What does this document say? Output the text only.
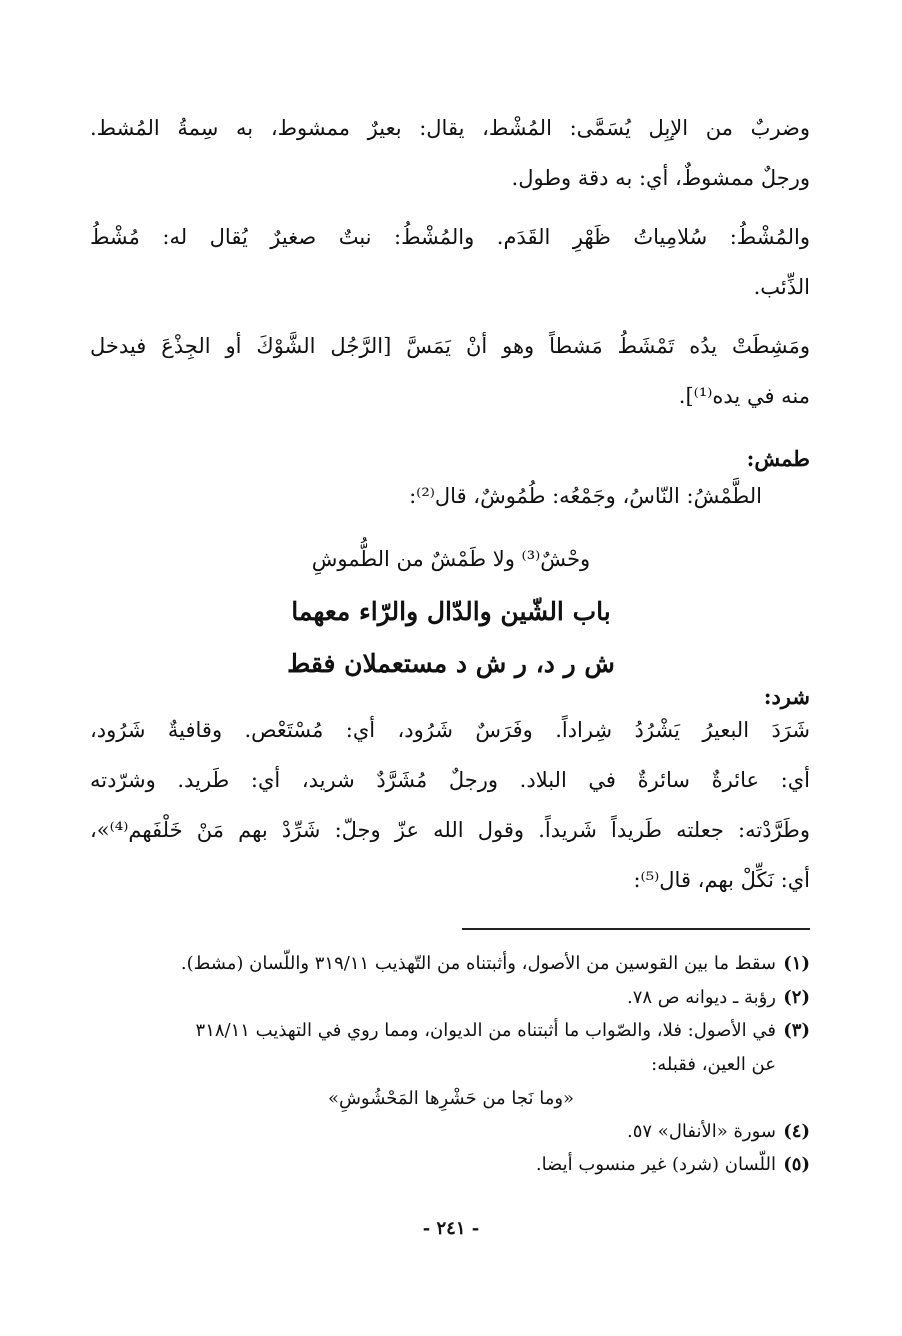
وضربٌ من الإبِل يُسَمَّى: المُشْط، يقال: بعيرٌ ممشوط، به سِمةُ المُشط.
ورجلٌ ممشوطٌ، أي: به دقة وطول.
والمُشْطُ: سُلامِياتُ ظَهْرِ القَدَم. والمُشْطُ: نبتٌ صغيرٌ يُقال له: مُشْطُ
الذِّئب.
ومَشِطَتْ يدُه تَمْشَطُ مَشطاً وهو أنْ يَمَسَّ [الرَّجُل الشَّوْكَ أو الجِذْعَ فيدخل
منه في يده⁽¹⁾].
طمش:
الطَّمْشُ: النّاسُ، وجَمْعُه: طُمُوشٌ، قال⁽²⁾:
وحْشٌ⁽³⁾ ولا طَمْشٌ من الطُّموشِ
باب الشّين والدّال والرّاء معهما
ش ر د، ر ش د مستعملان فقط
شرد:
شَرَدَ البعيرُ يَشْرُدُ شِراداً. وفَرَسٌ شَرُود، أي: مُسْتَعْص. وقافيةٌ شَرُود،
أي: عائرةٌ سائرةٌ في البلاد. ورجلٌ مُشَرَّدٌ شريد، أي: طَريد. وشرّدته
وطَرَّدْته: جعلته طَريداً شَريداً. وقول الله عزّ وجلّ: شَرِّدْ بهم مَنْ خَلْفَهم⁽⁴⁾»،
أي: نَكِّلْ بهم، قال⁽⁵⁾:
(١)سقط ما بين القوسين من الأصول، وأثبتناه من التّهذيب ٣١٩/١١ واللّسان (مشط).
(٢)رؤبة ـ ديوانه ص ٧٨.
(٣)في الأصول: فلا، والصّواب ما أثبتناه من الديوان، ومما روي في التهذيب ٣١٨/١١
عن العين، فقبله:
«وما نَجا من حَشْرِها المَحْشُوشِ»
(٤)سورة «الأنفال» ٥٧.
(٥)اللّسان (شرد) غير منسوب أيضا.
- ٢٤١ -
